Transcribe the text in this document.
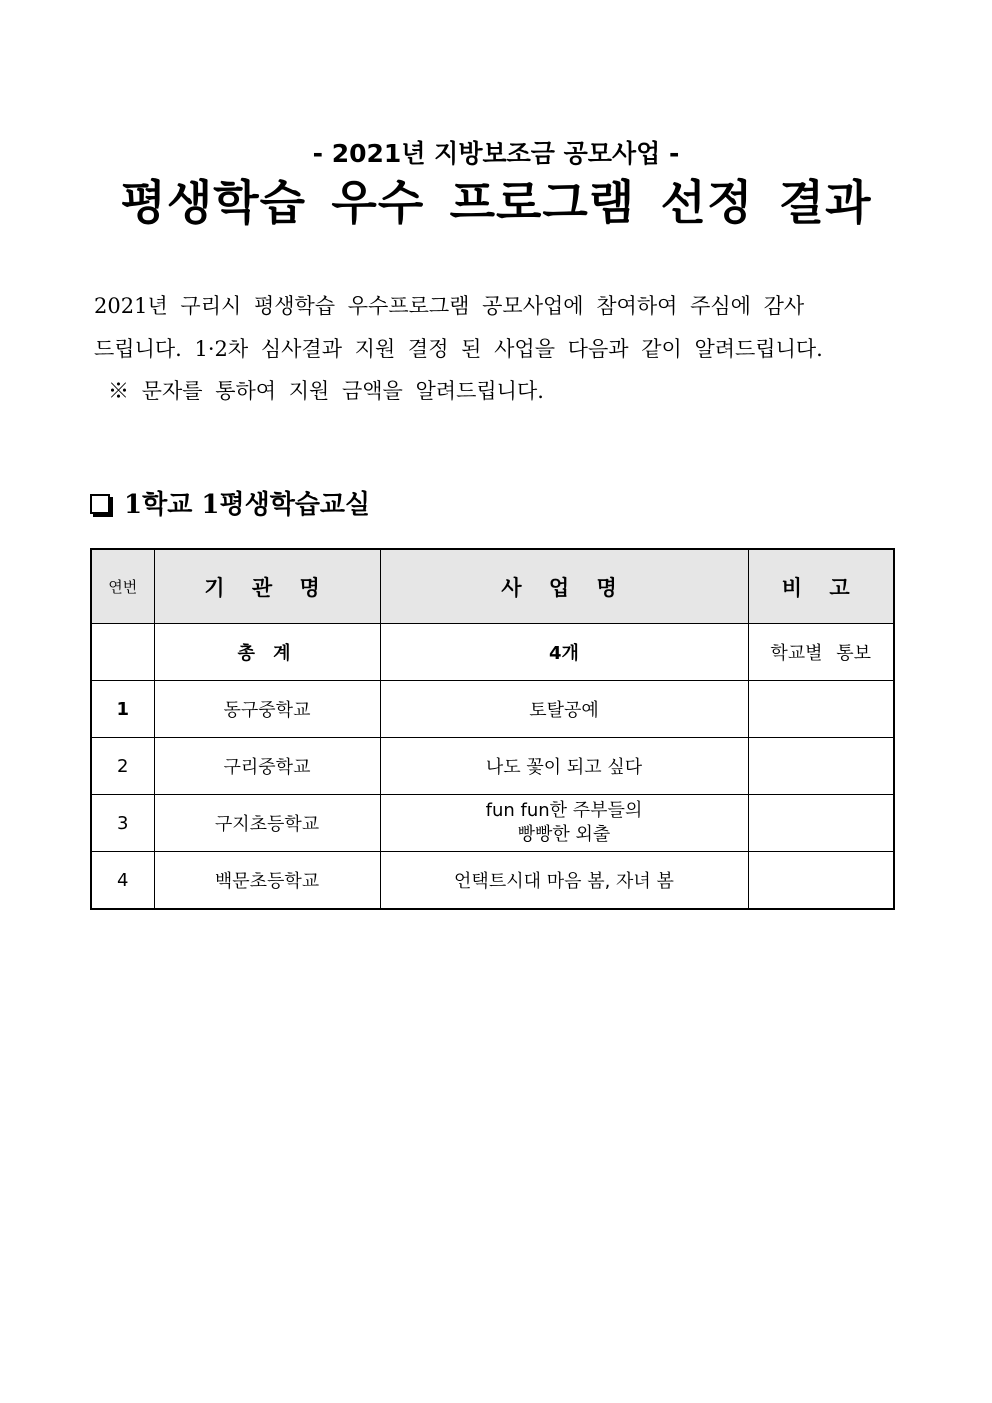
- 2021년 지방보조금 공모사업 -
평생학습 우수 프로그램 선정 결과
2021년 구리시 평생학습 우수프로그램 공모사업에 참여하여 주심에 감사
드립니다. 1·2차 심사결과 지원 결정 된 사업을 다음과 같이 알려드립니다.
※ 문자를 통하여 지원 금액을 알려드립니다.
1학교 1평생학습교실
연번	기 관 명	사 업 명	비 고
	총 계	4개	학교별 통보
1	동구중학교	토탈공예	
2	구리중학교	나도 꽃이 되고 싶다	
3	구지초등학교	fun fun한 주부들의
빵빵한 외출	

4	백문초등학교	언택트시대 마음 봄, 자녀 봄	
